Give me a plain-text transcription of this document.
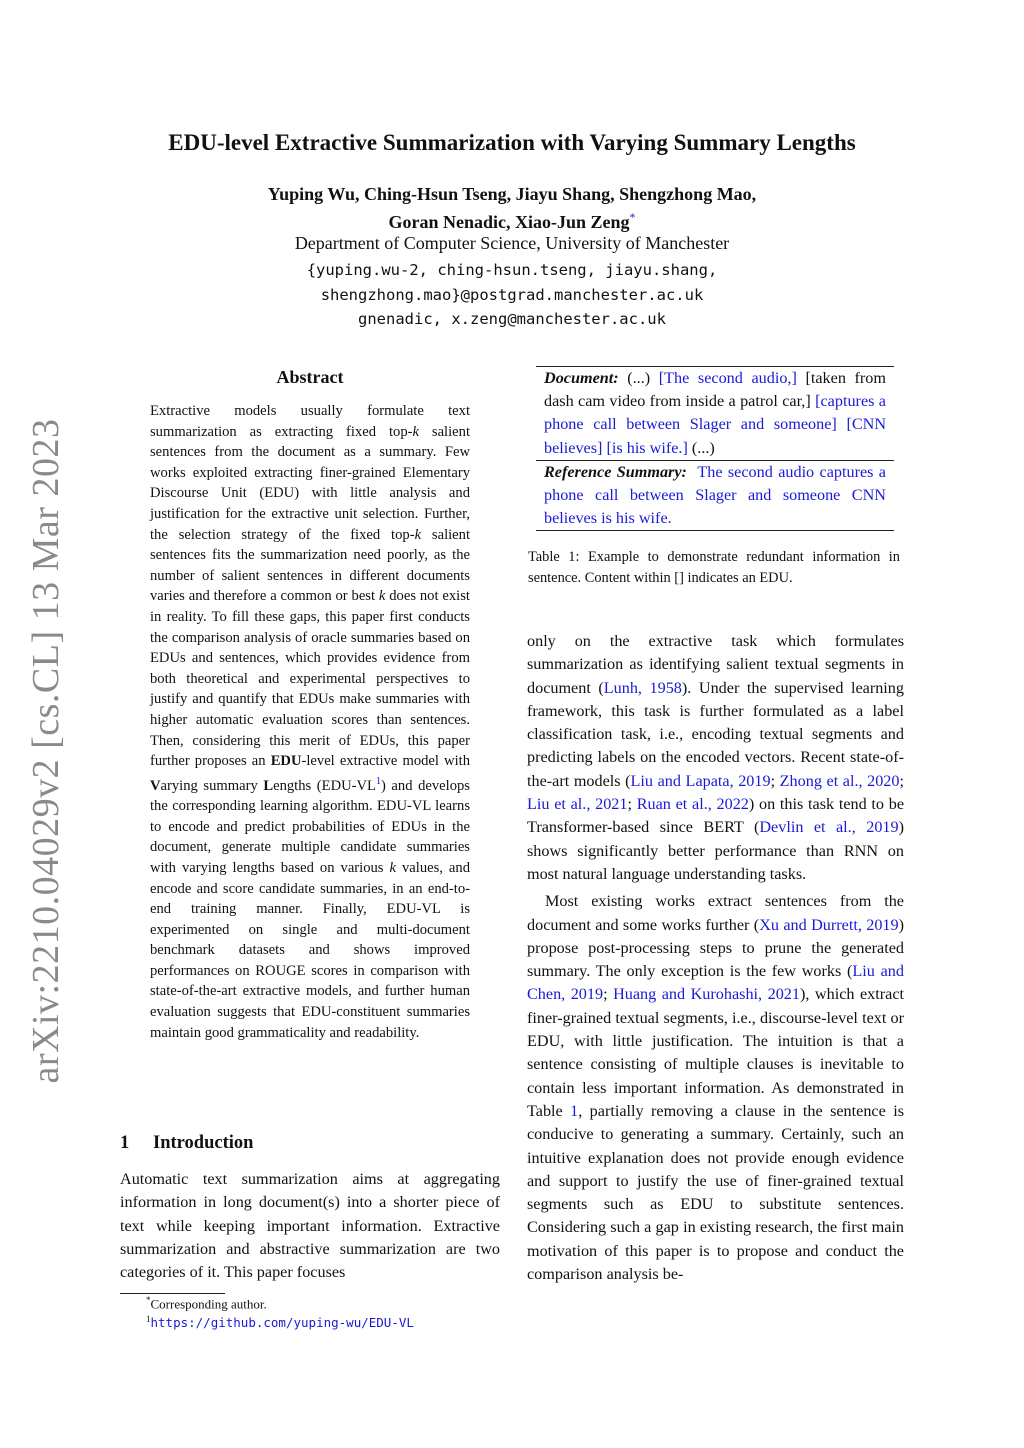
arXiv:2210.04029v2 [cs.CL] 13 Mar 2023
EDU-level Extractive Summarization with Varying Summary Lengths
Yuping Wu, Ching-Hsun Tseng, Jiayu Shang, Shengzhong Mao,
Goran Nenadic, Xiao-Jun Zeng*
Department of Computer Science, University of Manchester
{yuping.wu-2, ching-hsun.tseng, jiayu.shang,
shengzhong.mao}@postgrad.manchester.ac.uk
gnenadic, x.zeng@manchester.ac.uk
Abstract
Extractive models usually formulate text summarization as extracting fixed top-k salient sentences from the document as a summary. Few works exploited extracting finer-grained Elementary Discourse Unit (EDU) with little analysis and justification for the extractive unit selection. Further, the selection strategy of the fixed top-k salient sentences fits the summarization need poorly, as the number of salient sentences in different documents varies and therefore a common or best k does not exist in reality. To fill these gaps, this paper first conducts the comparison analysis of oracle summaries based on EDUs and sentences, which provides evidence from both theoretical and experimental perspectives to justify and quantify that EDUs make summaries with higher automatic evaluation scores than sentences. Then, considering this merit of EDUs, this paper further proposes an EDU-level extractive model with Varying summary Lengths $(EDU-VL^1)$ and develops the corresponding learning algorithm. EDU-VL learns to encode and predict probabilities of EDUs in the document, generate multiple candidate summaries with varying lengths based on various k values, and encode and score candidate summaries, in an end-to-end training manner. Finally, EDU-VL is experimented on single and multi-document benchmark datasets and shows improved performances on ROUGE scores in comparison with state-of-the-art extractive models, and further human evaluation suggests that EDU-constituent summaries maintain good grammaticality and readability.
1 Introduction
Automatic text summarization aims at aggregating information in long document(s) into a shorter piece of text while keeping important information. Extractive summarization and abstractive summarization are two categories of it. This paper focuses
*Corresponding author.
$^1$https://github.com/yuping-wu/EDU-VL
Document: (...) [The second audio,] [taken from dash cam video from inside a patrol car,] [captures a phone call between Slager and someone] [CNN believes] [is his wife.] (...)
Reference Summary: The second audio captures a phone call between Slager and someone CNN believes is his wife.
Table 1: Example to demonstrate redundant information in sentence. Content within [] indicates an EDU.

only on the extractive task which formulates summarization as identifying salient textual segments in document (Lunh, 1958). Under the supervised learning framework, this task is further formulated as a label classification task, i.e., encoding textual segments and predicting labels on the encoded vectors. Recent state-of-the-art models (Liu and Lapata, 2019; Zhong et al., 2020; Liu et al., 2021; Ruan et al., 2022) on this task tend to be Transformer-based since BERT (Devlin et al., 2019) shows significantly better performance than RNN on most natural language understanding tasks.

Most existing works extract sentences from the document and some works further (Xu and Durrett, 2019) propose post-processing steps to prune the generated summary. The only exception is the few works (Liu and Chen, 2019; Huang and Kurohashi, 2021), which extract finer-grained textual segments, i.e., discourse-level text or EDU, with little justification. The intuition is that a sentence consisting of multiple clauses is inevitable to contain less important information. As demonstrated in Table 1, partially removing a clause in the sentence is conducive to generating a summary. Certainly, such an intuitive explanation does not provide enough evidence and support to justify the use of finer-grained textual segments such as EDU to substitute sentences. Considering such a gap in existing research, the first main motivation of this paper is to propose and conduct the comparison analysis be-
